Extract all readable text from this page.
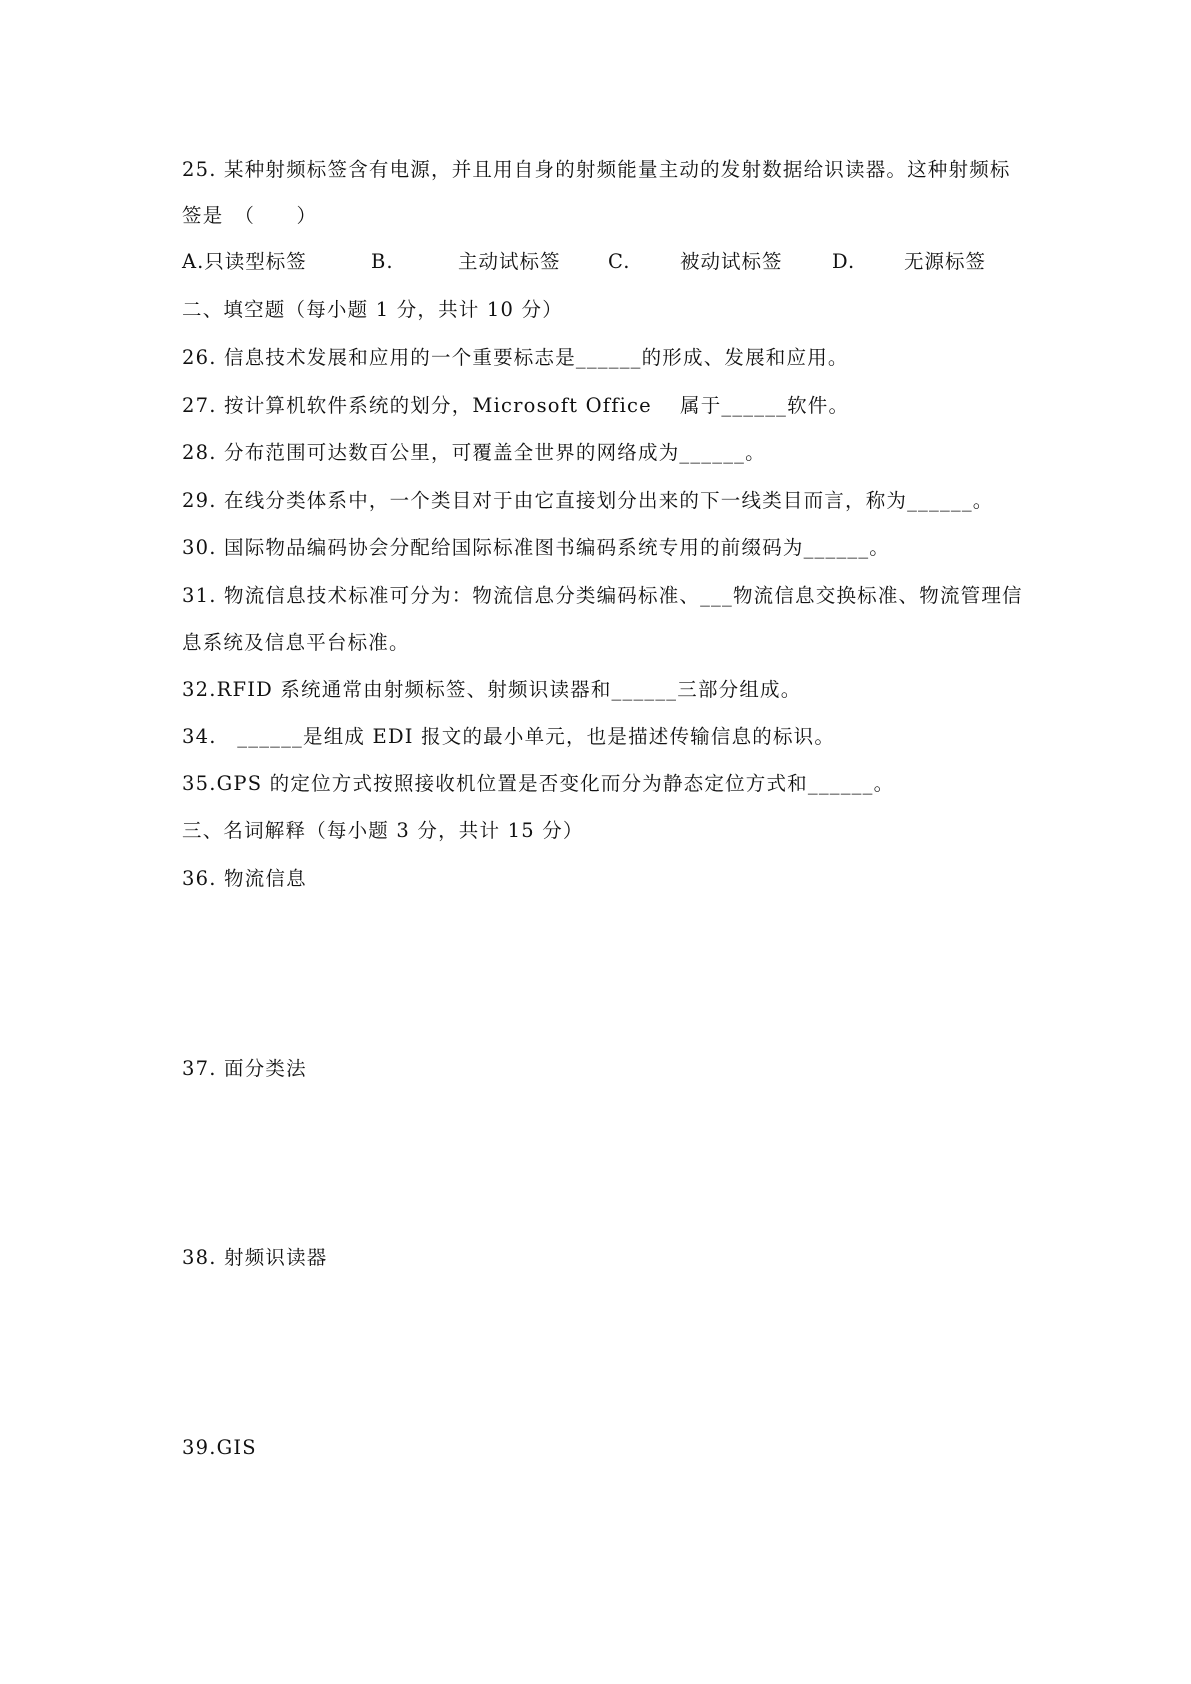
25. 某种射频标签含有电源，并且用自身的射频能量主动的发射数据给识读器。这种射频标
签是　（　　）
A.只读型标签	B.	主动试标签 C.	被动试标签	D.	无源标签
二、填空题（每小题 1 分，共计 10 分）
26. 信息技术发展和应用的一个重要标志是______的形成、发展和应用。
27. 按计算机软件系统的划分，Microsoft Office　 属于______软件。
28. 分布范围可达数百公里，可覆盖全世界的网络成为______。
29. 在线分类体系中，一个类目对于由它直接划分出来的下一线类目而言，称为______。
30. 国际物品编码协会分配给国际标准图书编码系统专用的前缀码为______。
31. 物流信息技术标准可分为：物流信息分类编码标准、___物流信息交换标准、物流管理信
息系统及信息平台标准。
32.RFID 系统通常由射频标签、射频识读器和______三部分组成。
34.　______是组成 EDI 报文的最小单元，也是描述传输信息的标识。
35.GPS 的定位方式按照接收机位置是否变化而分为静态定位方式和______。
三、名词解释（每小题 3 分，共计 15 分）
36. 物流信息
37. 面分类法
38. 射频识读器
39.GIS
